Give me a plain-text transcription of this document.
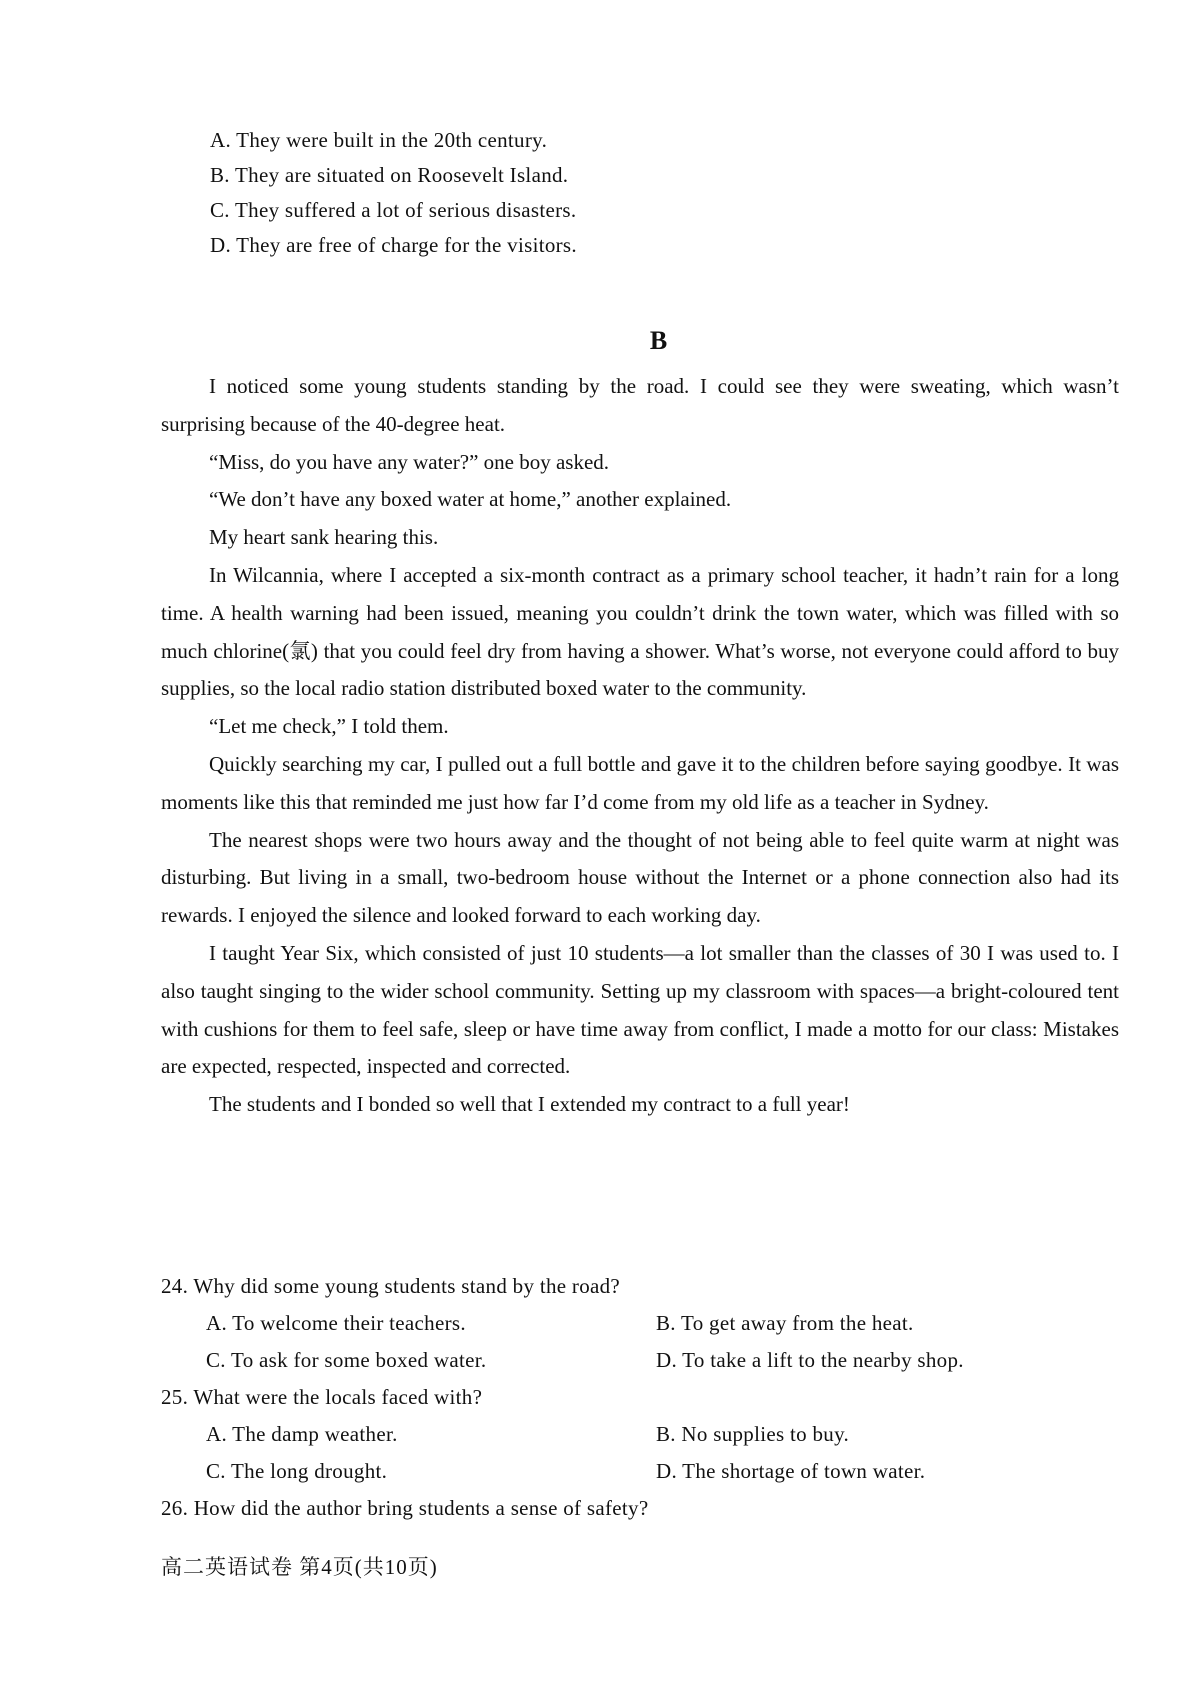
A. They were built in the 20th century.
B. They are situated on Roosevelt Island.
C. They suffered a lot of serious disasters.
D. They are free of charge for the visitors.
B

I noticed some young students standing by the road. I could see they were sweating, which wasn’t surprising because of the 40-degree heat.

“Miss, do you have any water?” one boy asked.

“We don’t have any boxed water at home,” another explained.

My heart sank hearing this.

In Wilcannia, where I accepted a six-month contract as a primary school teacher, it hadn’t rain for a long time. A health warning had been issued, meaning you couldn’t drink the town water, which was filled with so much chlorine(氯) that you could feel dry from having a shower. What’s worse, not everyone could afford to buy supplies, so the local radio station distributed boxed water to the community.

“Let me check,” I told them.

Quickly searching my car, I pulled out a full bottle and gave it to the children before saying goodbye. It was moments like this that reminded me just how far I’d come from my old life as a teacher in Sydney.

The nearest shops were two hours away and the thought of not being able to feel quite warm at night was disturbing. But living in a small, two-bedroom house without the Internet or a phone connection also had its rewards. I enjoyed the silence and looked forward to each working day.

I taught Year Six, which consisted of just 10 students—a lot smaller than the classes of 30 I was used to. I also taught singing to the wider school community. Setting up my classroom with spaces—a bright-coloured tent with cushions for them to feel safe, sleep or have time away from conflict, I made a motto for our class: Mistakes are expected, respected, inspected and corrected.

The students and I bonded so well that I extended my contract to a full year!

24. Why did some young students stand by the road?
A. To welcome their teachers.	B. To get away from the heat.
C. To ask for some boxed water.	D. To take a lift to the nearby shop.
25. What were the locals faced with?
A. The damp weather.	B. No supplies to buy.
C. The long drought.	D. The shortage of town water.
26. How did the author bring students a sense of safety?
高二英语试卷 第4页(共10页)
